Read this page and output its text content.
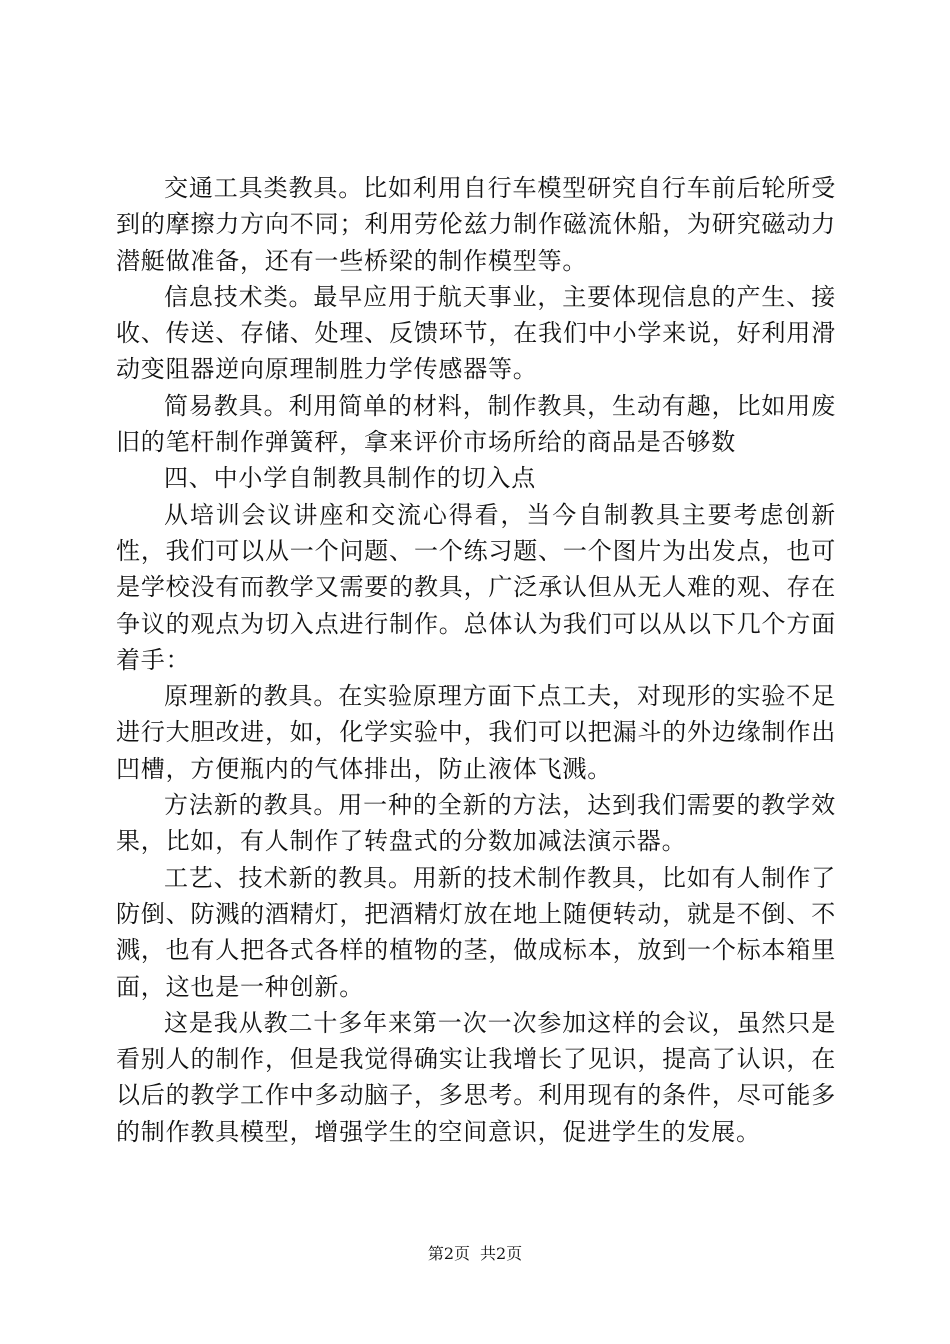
交通工具类教具。比如利用自行车模型研究自行车前后轮所受到的摩擦力方向不同；利用劳伦兹力制作磁流休船，为研究磁动力潜艇做准备，还有一些桥梁的制作模型等。

信息技术类。最早应用于航天事业，主要体现信息的产生、接收、传送、存储、处理、反馈环节，在我们中小学来说，好利用滑动变阻器逆向原理制胜力学传感器等。

简易教具。利用简单的材料，制作教具，生动有趣，比如用废旧的笔杆制作弹簧秤，拿来评价市场所给的商品是否够数

四、中小学自制教具制作的切入点

从培训会议讲座和交流心得看，当今自制教具主要考虑创新性，我们可以从一个问题、一个练习题、一个图片为出发点，也可是学校没有而教学又需要的教具，广泛承认但从无人难的观、存在争议的观点为切入点进行制作。总体认为我们可以从以下几个方面着手：

原理新的教具。在实验原理方面下点工夫，对现形的实验不足进行大胆改进，如，化学实验中，我们可以把漏斗的外边缘制作出凹槽，方便瓶内的气体排出，防止液体飞溅。

方法新的教具。用一种的全新的方法，达到我们需要的教学效果，比如，有人制作了转盘式的分数加减法演示器。

工艺、技术新的教具。用新的技术制作教具，比如有人制作了防倒、防溅的酒精灯，把酒精灯放在地上随便转动，就是不倒、不溅，也有人把各式各样的植物的茎，做成标本，放到一个标本箱里面，这也是一种创新。

这是我从教二十多年来第一次一次参加这样的会议，虽然只是看别人的制作，但是我觉得确实让我增长了见识，提高了认识，在以后的教学工作中多动脑子，多思考。利用现有的条件，尽可能多的制作教具模型，增强学生的空间意识，促进学生的发展。

第2页 共2页
